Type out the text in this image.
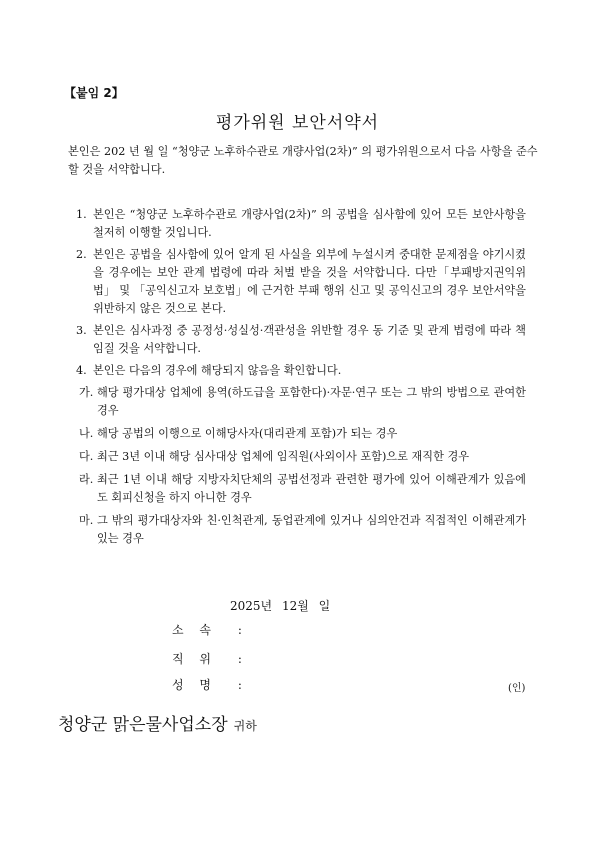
【붙임 2】
평가위원 보안서약서
본인은 202 년 월 일 “청양군 노후하수관로 개량사업(2차)” 의 평가위원으로서 다음 사항을 준수할 것을 서약합니다.
1. 본인은 “청양군 노후하수관로 개량사업(2차)” 의 공법을 심사함에 있어 모든 보안사항을 철저히 이행할 것입니다.
2. 본인은 공법을 심사함에 있어 알게 된 사실을 외부에 누설시켜 중대한 문제점을 야기시켰을 경우에는 보안 관계 법령에 따라 처벌 받을 것을 서약합니다. 다만「부패방지권익위법」 및 「공익신고자 보호법」에 근거한 부패 행위 신고 및 공익신고의 경우 보안서약을 위반하지 않은 것으로 본다.
3. 본인은 심사과정 중 공정성·성실성·객관성을 위반할 경우 동 기준 및 관계 법령에 따라 책임질 것을 서약합니다.
4. 본인은 다음의 경우에 해당되지 않음을 확인합니다.
가. 해당 평가대상 업체에 용역(하도급을 포함한다)·자문·연구 또는 그 밖의 방법으로 관여한 경우
나. 해당 공법의 이행으로 이해당사자(대리관계 포함)가 되는 경우
다. 최근 3년 이내 해당 심사대상 업체에 임직원(사외이사 포함)으로 재직한 경우
라. 최근 1년 이내 해당 지방자치단체의 공법선정과 관련한 평가에 있어 이해관계가 있음에도 회피신청을 하지 아니한 경우
마. 그 밖의 평가대상자와 친·인척관계, 동업관계에 있거나 심의안건과 직접적인 이해관계가 있는 경우
2025년 12월 일
소 속 :
직 위 :
성 명 :	(인)
청양군 맑은물사업소장 귀하
